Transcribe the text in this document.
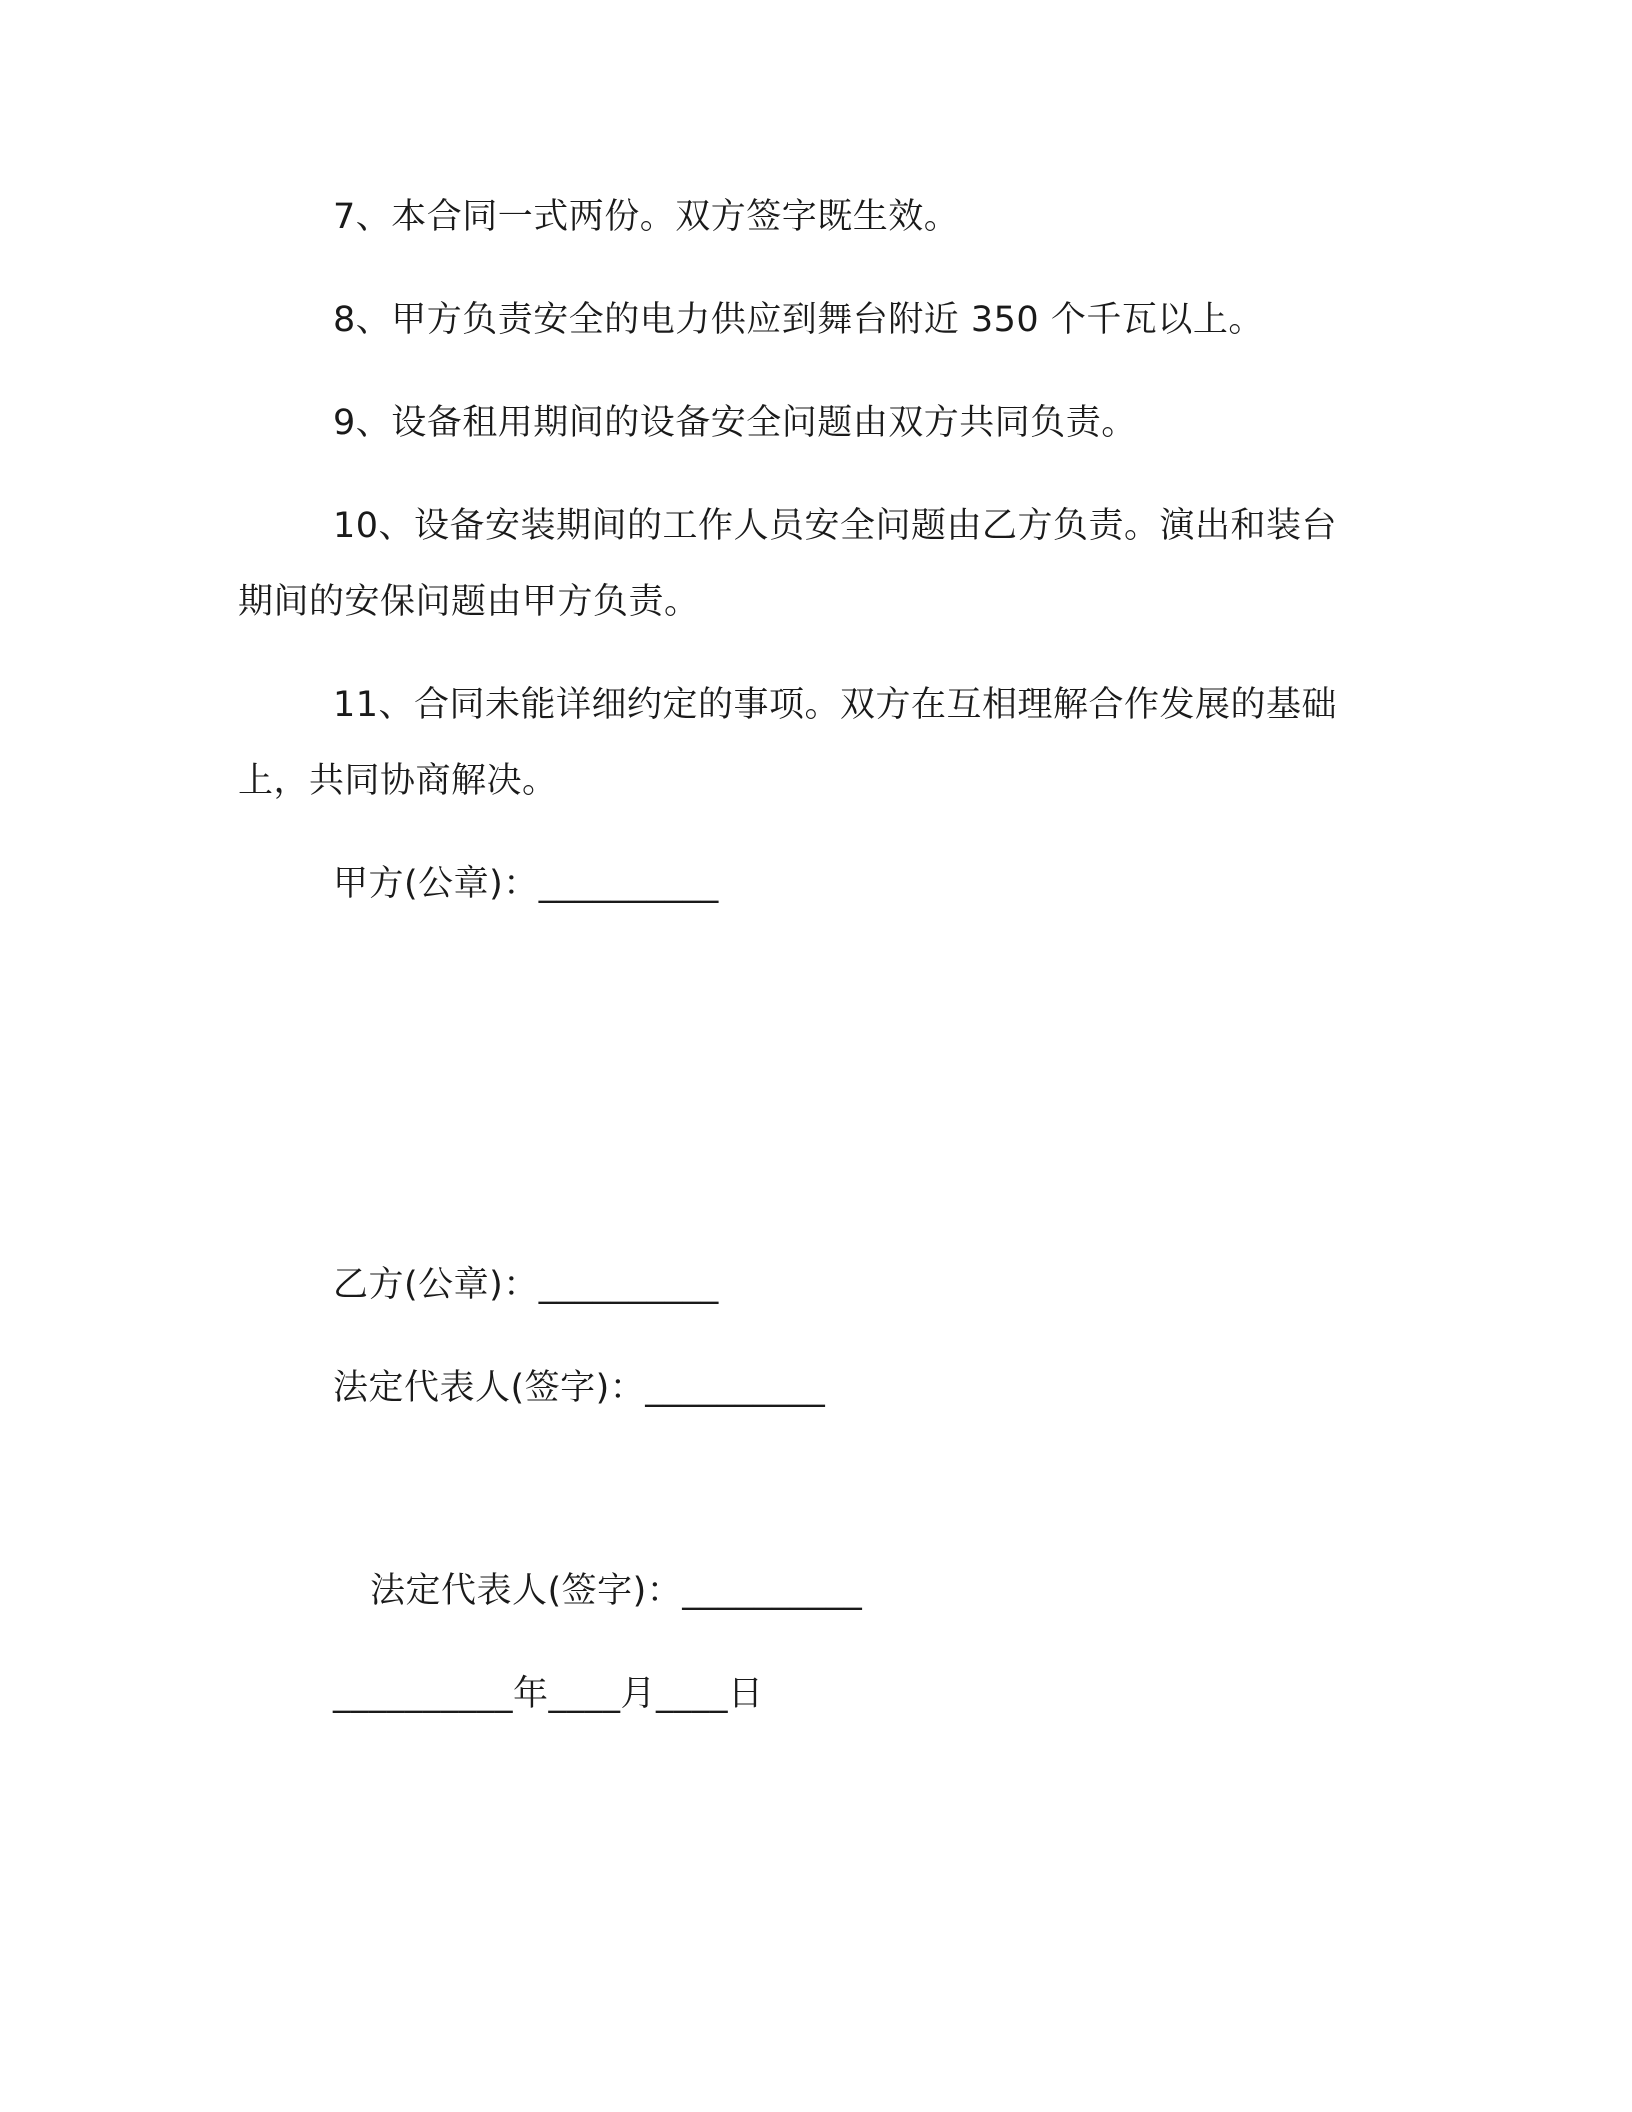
7、本合同一式两份。双方签字既生效。
8、甲方负责安全的电力供应到舞台附近 350 个千瓦以上。
9、设备租用期间的设备安全问题由双方共同负责。
10、设备安装期间的工作人员安全问题由乙方负责。演出和装台
期间的安保问题由甲方负责。
11、合同未能详细约定的事项。双方在互相理解合作发展的基础
上，共同协商解决。
甲方(公章)：__________
乙方(公章)：__________
法定代表人(签字)：__________
法定代表人(签字)：__________
__________年____月____日
